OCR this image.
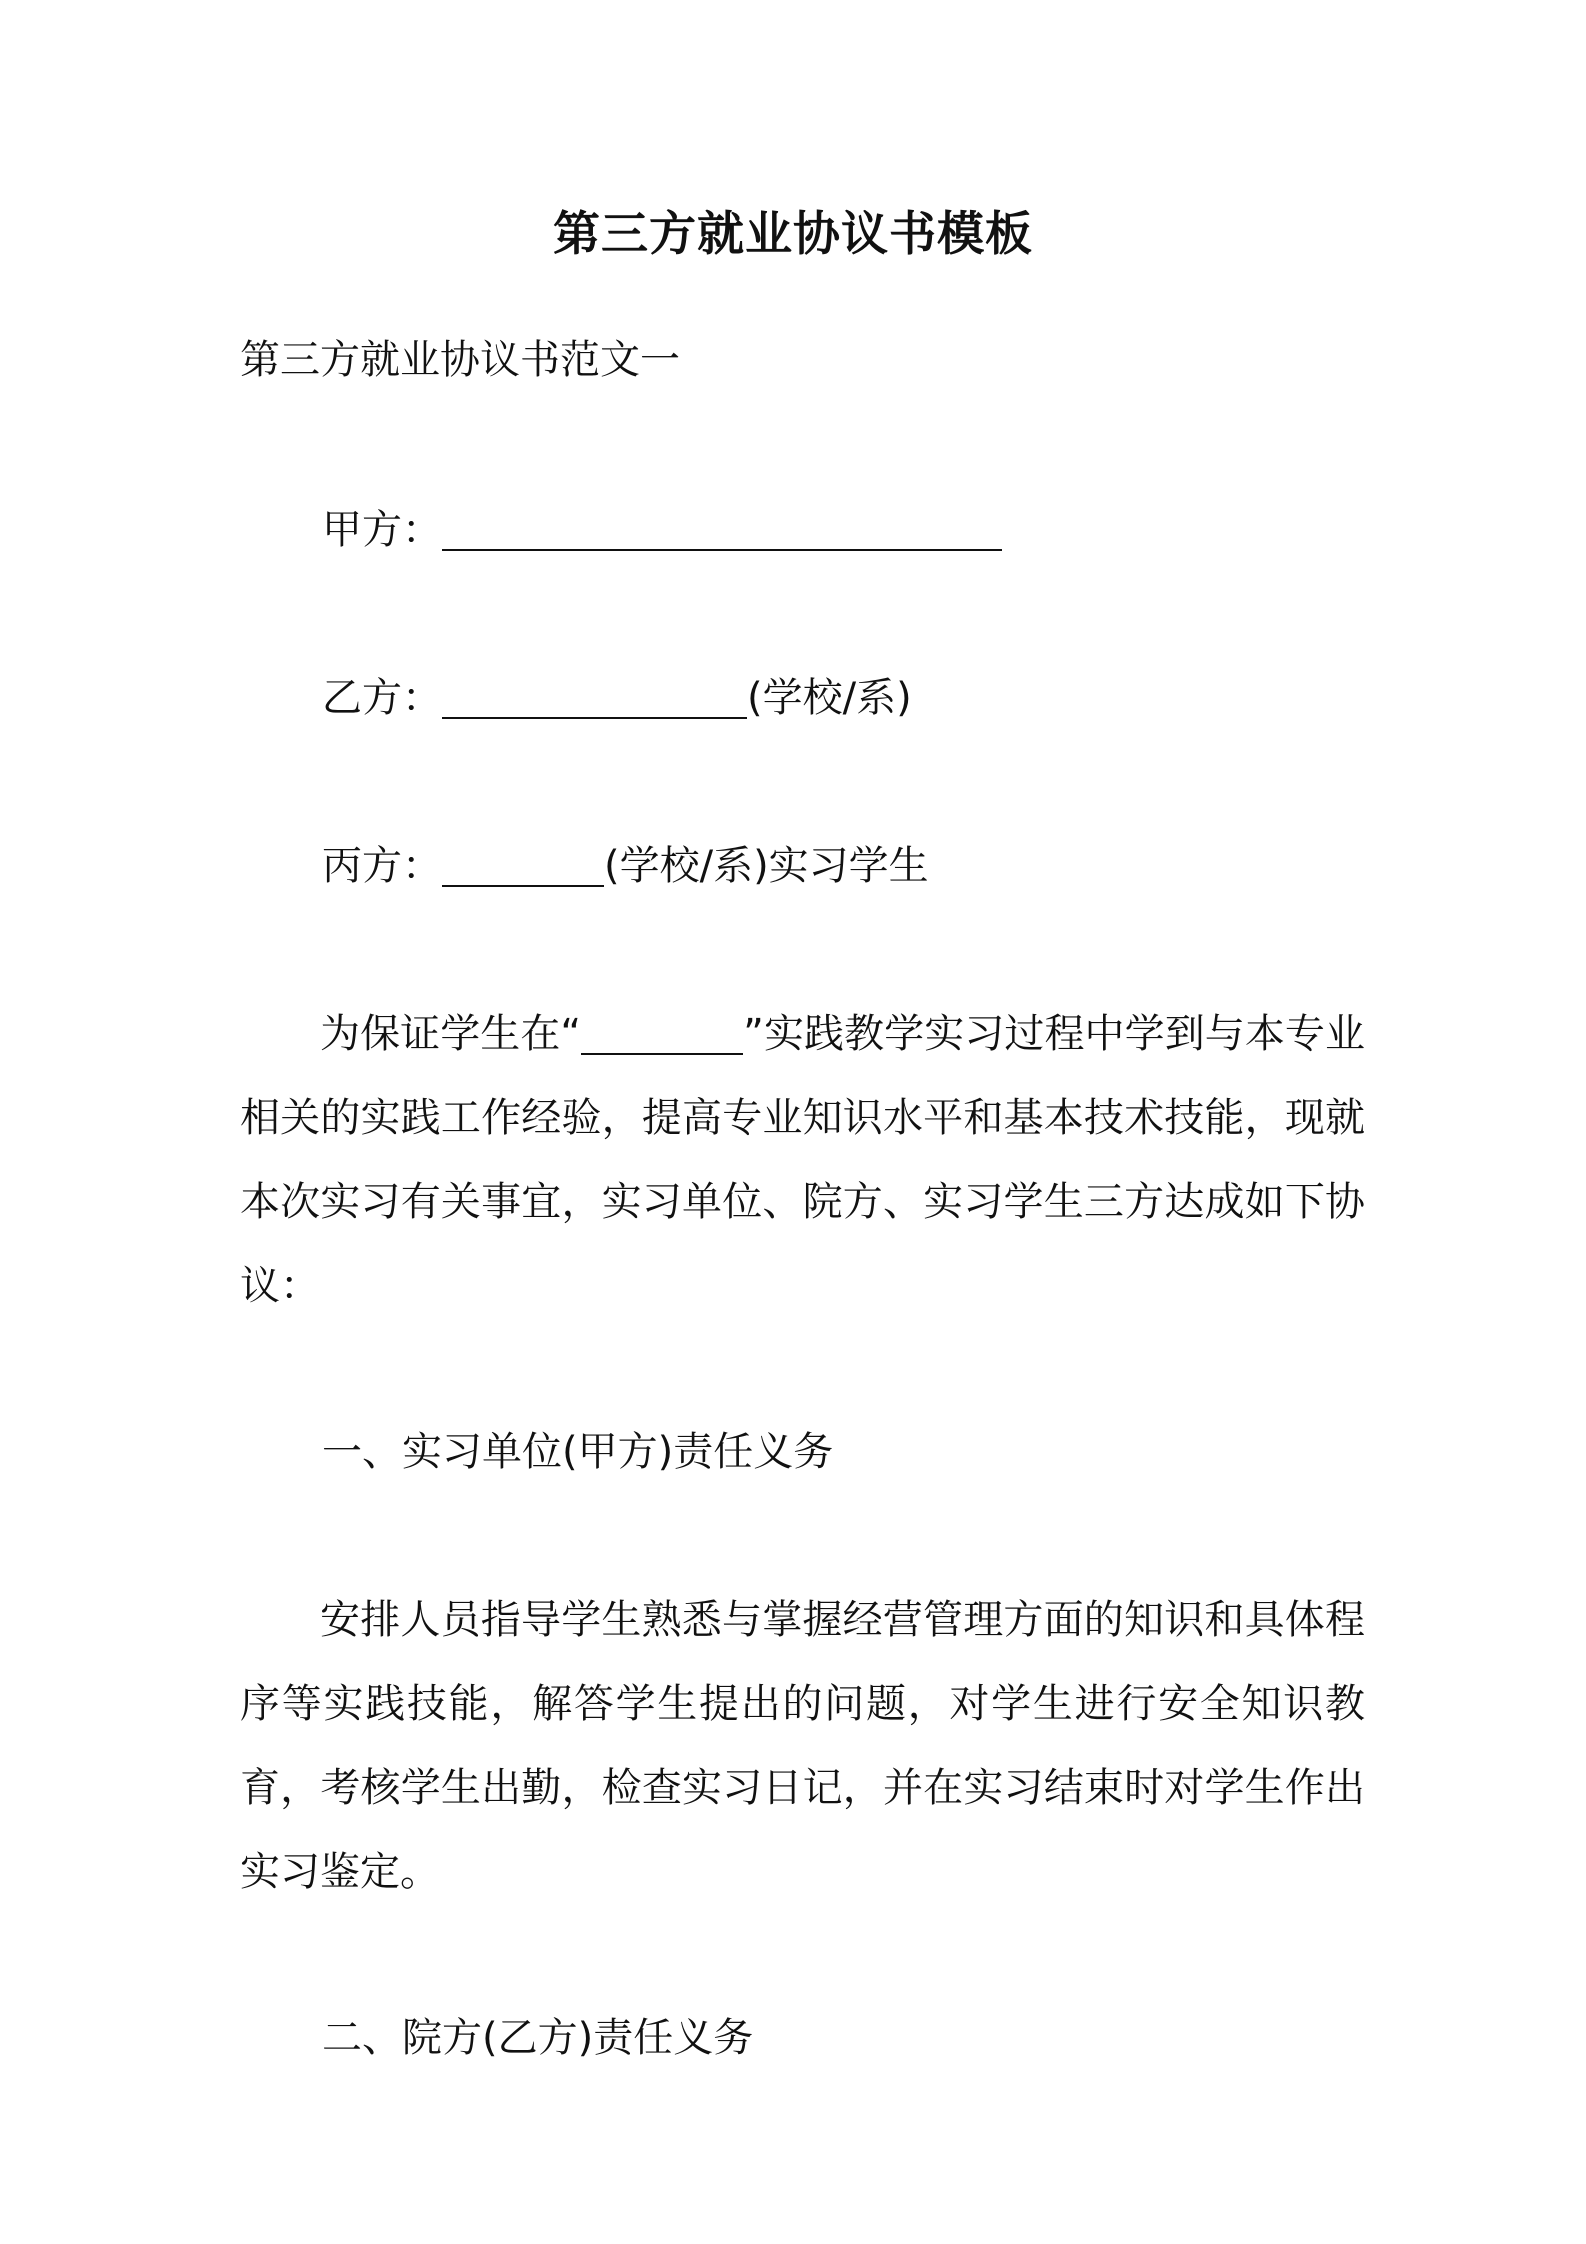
第三方就业协议书模板
第三方就业协议书范文一
甲方：
乙方：	(学校/系)
丙方：	(学校/系)实习学生
为保证学生在“	”实践教学实习过程中学到与本专业相关的实践工作经验，提高专业知识水平和基本技术技能，现就本次实习有关事宜，实习单位、院方、实习学生三方达成如下协议：
一、实习单位(甲方)责任义务
安排人员指导学生熟悉与掌握经营管理方面的知识和具体程序等实践技能，解答学生提出的问题，对学生进行安全知识教育，考核学生出勤，检查实习日记，并在实习结束时对学生作出实习鉴定。
二、院方(乙方)责任义务
